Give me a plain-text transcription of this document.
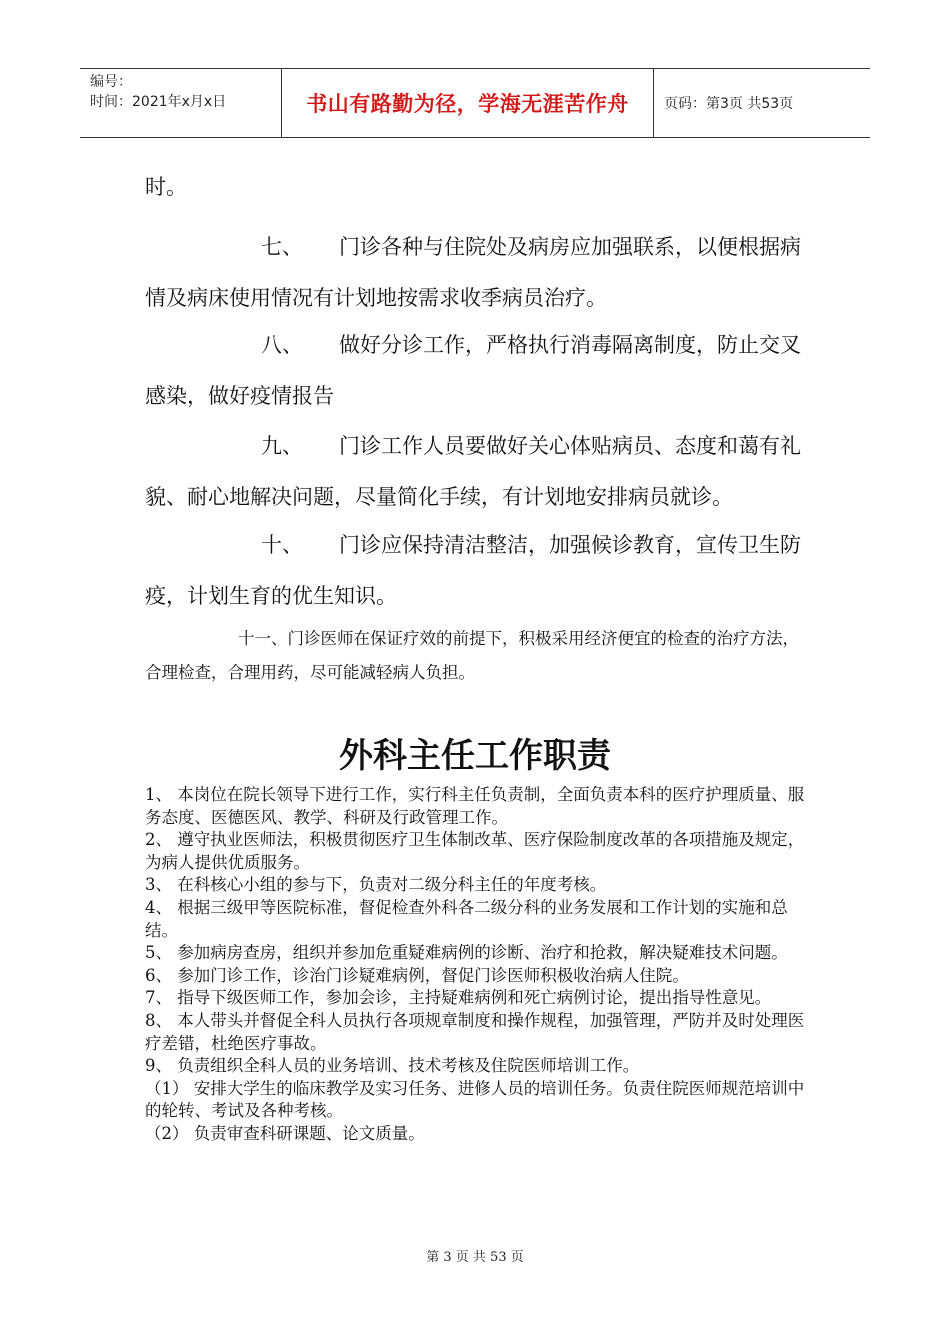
编号：
时间：2021年x月x日	书山有路勤为径，学海无涯苦作舟	页码：第3页 共53页
时。
七、 门诊各种与住院处及病房应加强联系，以便根据病情及病床使用情况有计划地按需求收季病员治疗。
八、 做好分诊工作，严格执行消毒隔离制度，防止交叉感染，做好疫情报告
九、 门诊工作人员要做好关心体贴病员、态度和蔼有礼貌、耐心地解决问题，尽量简化手续，有计划地安排病员就诊。
十、 门诊应保持清洁整洁，加强候诊教育，宣传卫生防疫，计划生育的优生知识。
十一、门诊医师在保证疗效的前提下，积极采用经济便宜的检查的治疗方法，合理检查，合理用药，尽可能减轻病人负担。
外科主任工作职责

1、 本岗位在院长领导下进行工作，实行科主任负责制，全面负责本科的医疗护理质量、服务态度、医德医风、教学、科研及行政管理工作。

2、 遵守执业医师法，积极贯彻医疗卫生体制改革、医疗保险制度改革的各项措施及规定，为病人提供优质服务。

3、 在科核心小组的参与下，负责对二级分科主任的年度考核。

4、 根据三级甲等医院标准，督促检查外科各二级分科的业务发展和工作计划的实施和总结。

5、 参加病房查房，组织并参加危重疑难病例的诊断、治疗和抢救，解决疑难技术问题。

6、 参加门诊工作，诊治门诊疑难病例，督促门诊医师积极收治病人住院。

7、 指导下级医师工作，参加会诊，主持疑难病例和死亡病例讨论，提出指导性意见。

8、 本人带头并督促全科人员执行各项规章制度和操作规程，加强管理，严防并及时处理医疗差错，杜绝医疗事故。

9、 负责组织全科人员的业务培训、技术考核及住院医师培训工作。

（1） 安排大学生的临床教学及实习任务、进修人员的培训任务。负责住院医师规范培训中的轮转、考试及各种考核。

（2） 负责审查科研课题、论文质量。

第 3 页 共 53 页
